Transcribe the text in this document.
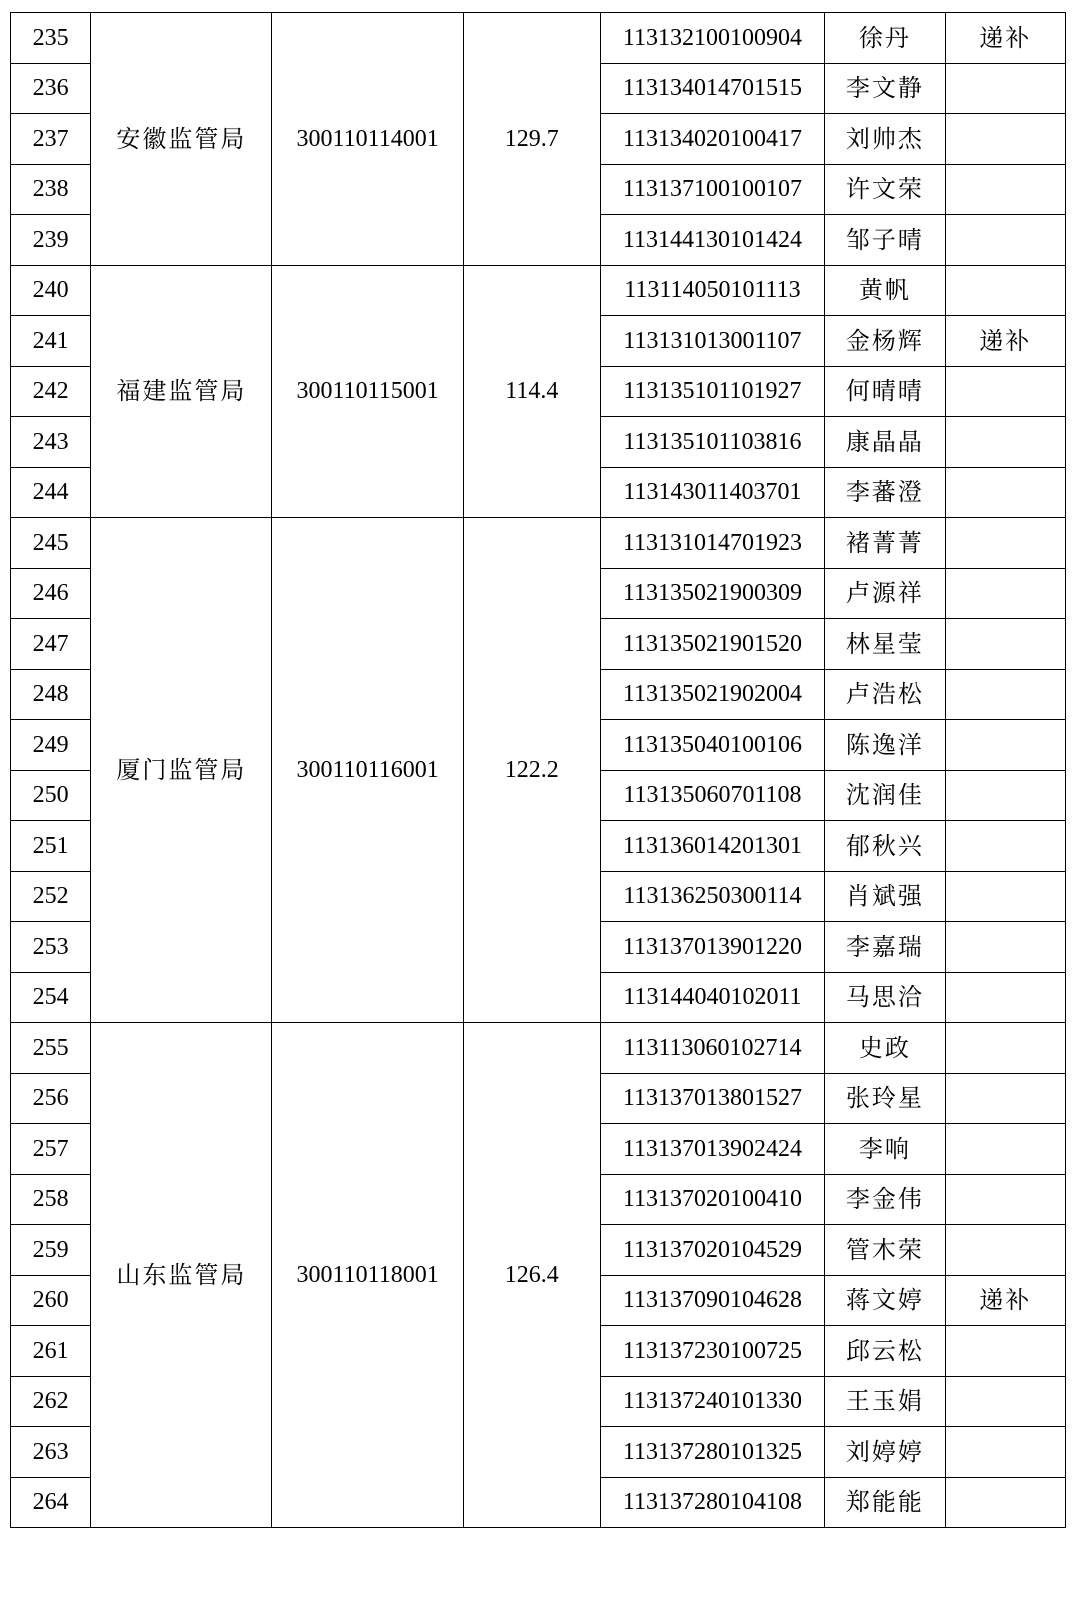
235	安徽监管局	300110114001	129.7	113132100100904	徐丹	递补
236				113134014701515	李文静	
237				113134020100417	刘帅杰	
238				113137100100107	许文荣	
239				113144130101424	邹子晴	
240	福建监管局	300110115001	114.4	113114050101113	黄帆	
241				113131013001107	金杨辉	递补
242				113135101101927	何晴晴	
243				113135101103816	康晶晶	
244				113143011403701	李蕃澄	
245	厦门监管局	300110116001	122.2	113131014701923	褚菁菁	
246				113135021900309	卢源祥	
247				113135021901520	林星莹	
248				113135021902004	卢浩松	
249				113135040100106	陈逸洋	
250				113135060701108	沈润佳	
251				113136014201301	郁秋兴	
252				113136250300114	肖斌强	
253				113137013901220	李嘉瑞	
254				113144040102011	马思洽	
255	山东监管局	300110118001	126.4	113113060102714	史政	
256				113137013801527	张玲星	
257				113137013902424	李响	
258				113137020100410	李金伟	
259				113137020104529	管木荣	
260				113137090104628	蒋文婷	递补
261				113137230100725	邱云松	
262				113137240101330	王玉娟	
263				113137280101325	刘婷婷	
264				113137280104108	郑能能	
